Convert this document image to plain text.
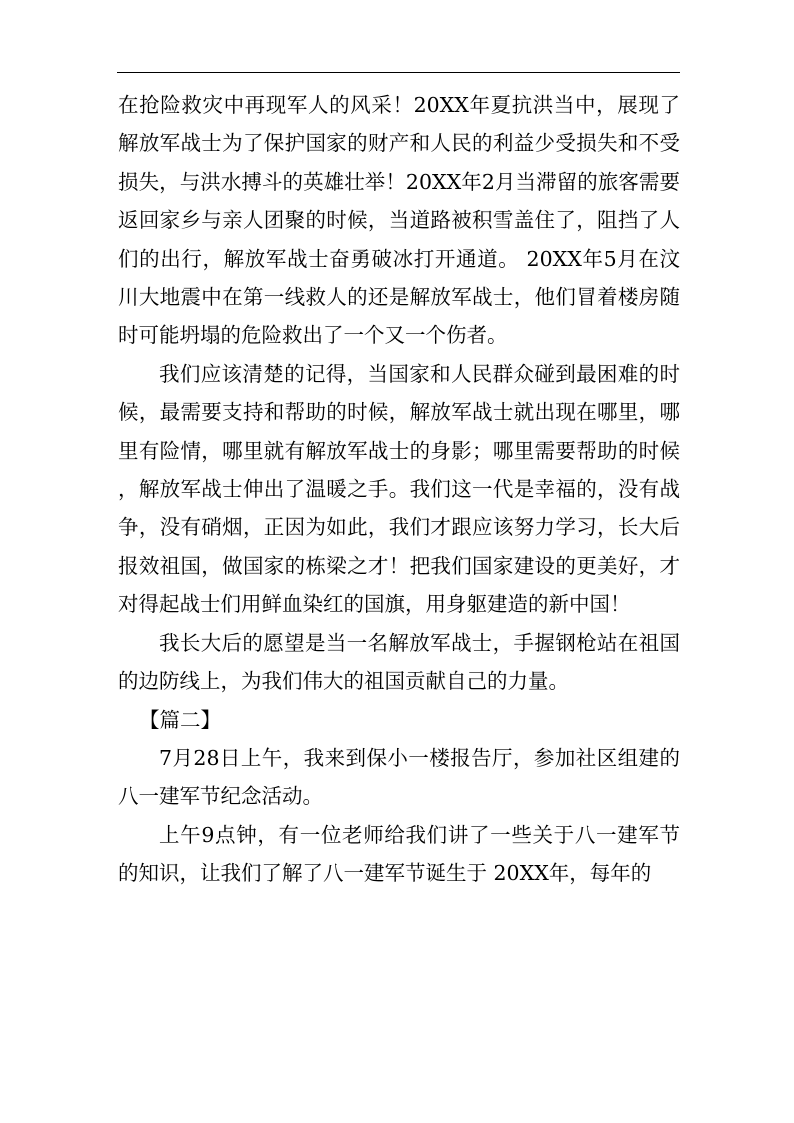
在抢险救灾中再现军人的风采！20XX年夏抗洪当中，展现了解放军战士为了保护国家的财产和人民的利益少受损失和不受损失，与洪水搏斗的英雄壮举！20XX年2月当滞留的旅客需要返回家乡与亲人团聚的时候，当道路被积雪盖住了，阻挡了人们的出行，解放军战士奋勇破冰打开通道。 20XX年5月在汶川大地震中在第一线救人的还是解放军战士，他们冒着楼房随时可能坍塌的危险救出了一个又一个伤者。

我们应该清楚的记得，当国家和人民群众碰到最困难的时候，最需要支持和帮助的时候，解放军战士就出现在哪里，哪里有险情，哪里就有解放军战士的身影；哪里需要帮助的时候，解放军战士伸出了温暖之手。我们这一代是幸福的，没有战争，没有硝烟，正因为如此，我们才跟应该努力学习，长大后报效祖国，做国家的栋梁之才！把我们国家建设的更美好，才对得起战士们用鲜血染红的国旗，用身躯建造的新中国！

我长大后的愿望是当一名解放军战士，手握钢枪站在祖国的边防线上，为我们伟大的祖国贡献自己的力量。

【篇二】

7月28日上午，我来到保小一楼报告厅，参加社区组建的八一建军节纪念活动。

上午9点钟，有一位老师给我们讲了一些关于八一建军节的知识，让我们了解了八一建军节诞生于 20XX年，每年的
